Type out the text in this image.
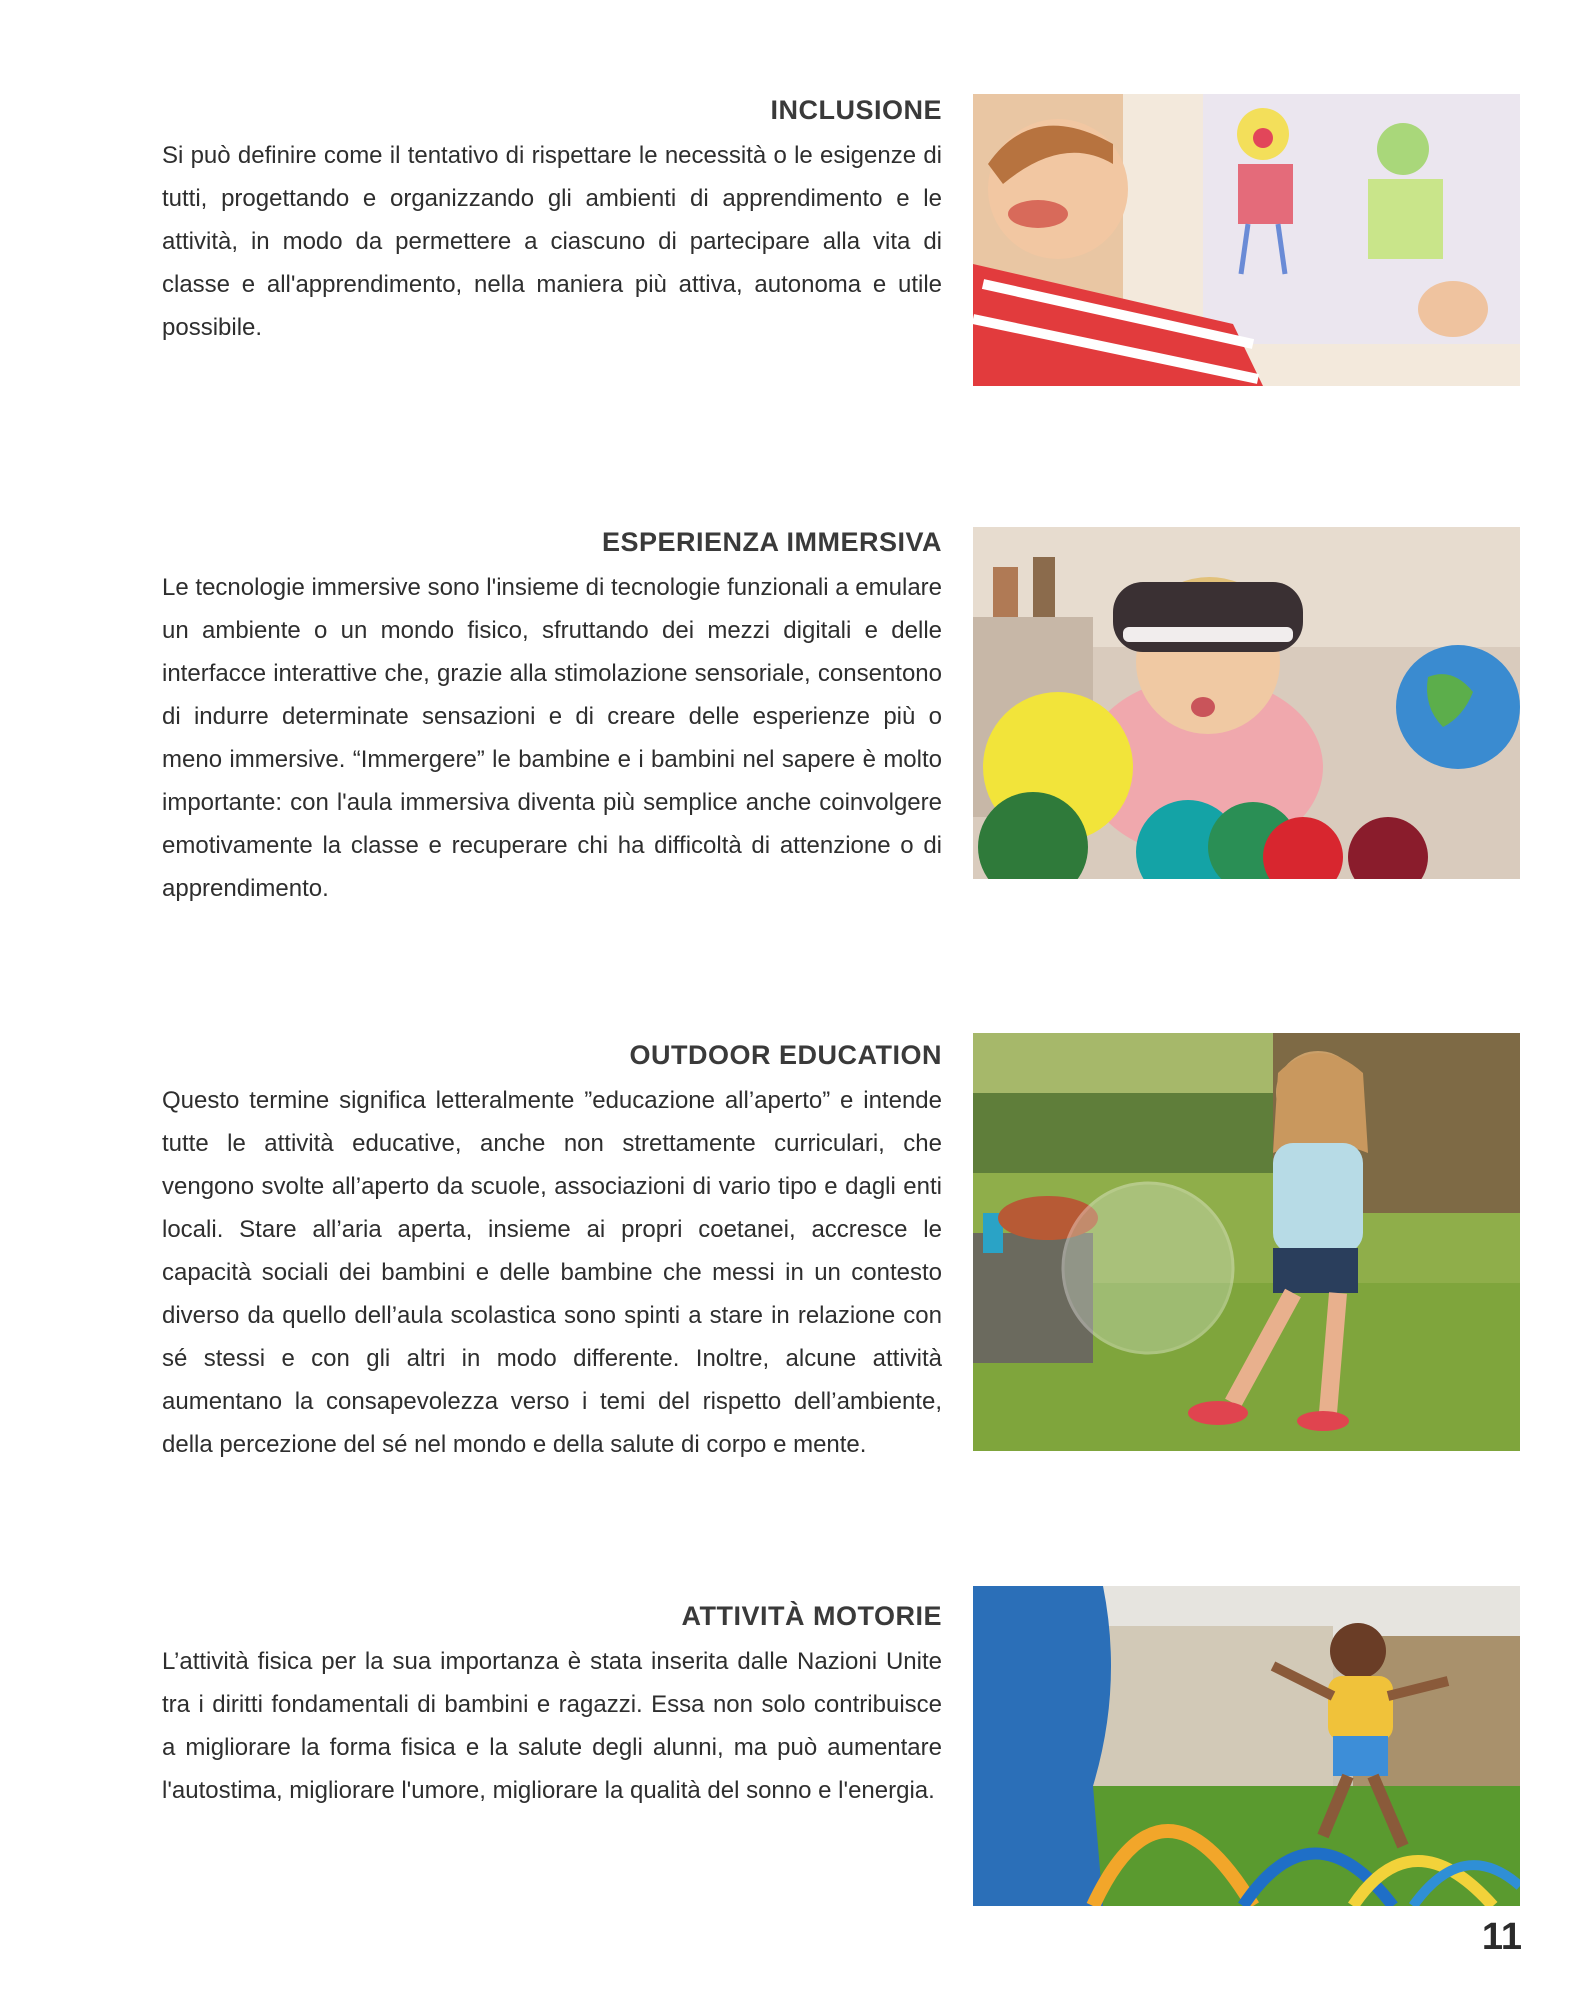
INCLUSIONE

Si può definire come il tentativo di rispettare le necessità o le esigenze di tutti, progettando e organizzando gli ambienti di apprendimento e le attività, in modo da permettere a ciascuno di partecipare alla vita di classe e all'apprendimento, nella maniera più attiva, autonoma e utile possibile.

ESPERIENZA IMMERSIVA

Le tecnologie immersive sono l'insieme di tecnologie funzionali a emulare un ambiente o un mondo fisico, sfruttando dei mezzi digitali e delle interfacce interattive che, grazie alla stimolazione sensoriale, consentono di indurre determinate sensazioni e di creare delle esperienze più o meno immersive. “Immergere” le bambine e i bambini nel sapere è molto importante: con l'aula immersiva diventa più semplice anche coinvolgere emotivamente la classe e recuperare chi ha difficoltà di attenzione o di apprendimento.

OUTDOOR EDUCATION

Questo termine significa letteralmente ”educazione all’aperto” e intende tutte le attività educative, anche non strettamente curriculari, che vengono svolte all’aperto da scuole, associazioni di vario tipo e dagli enti locali. Stare all’aria aperta, insieme ai propri coetanei, accresce le capacità sociali dei bambini e delle bambine che messi in un contesto diverso da quello dell’aula scolastica sono spinti a stare in relazione con sé stessi e con gli altri in modo differente. Inoltre, alcune attività aumentano la consapevolezza verso i temi del rispetto dell’ambiente, della percezione del sé nel mondo e della salute di corpo e mente.

ATTIVITÀ MOTORIE

L’attività fisica per la sua importanza è stata inserita dalle Nazioni Unite tra i diritti fondamentali di bambini e ragazzi. Essa non solo contribuisce a migliorare la forma fisica e la salute degli alunni, ma può aumentare l'autostima, migliorare l'umore, migliorare la qualità del sonno e l'energia.

11
